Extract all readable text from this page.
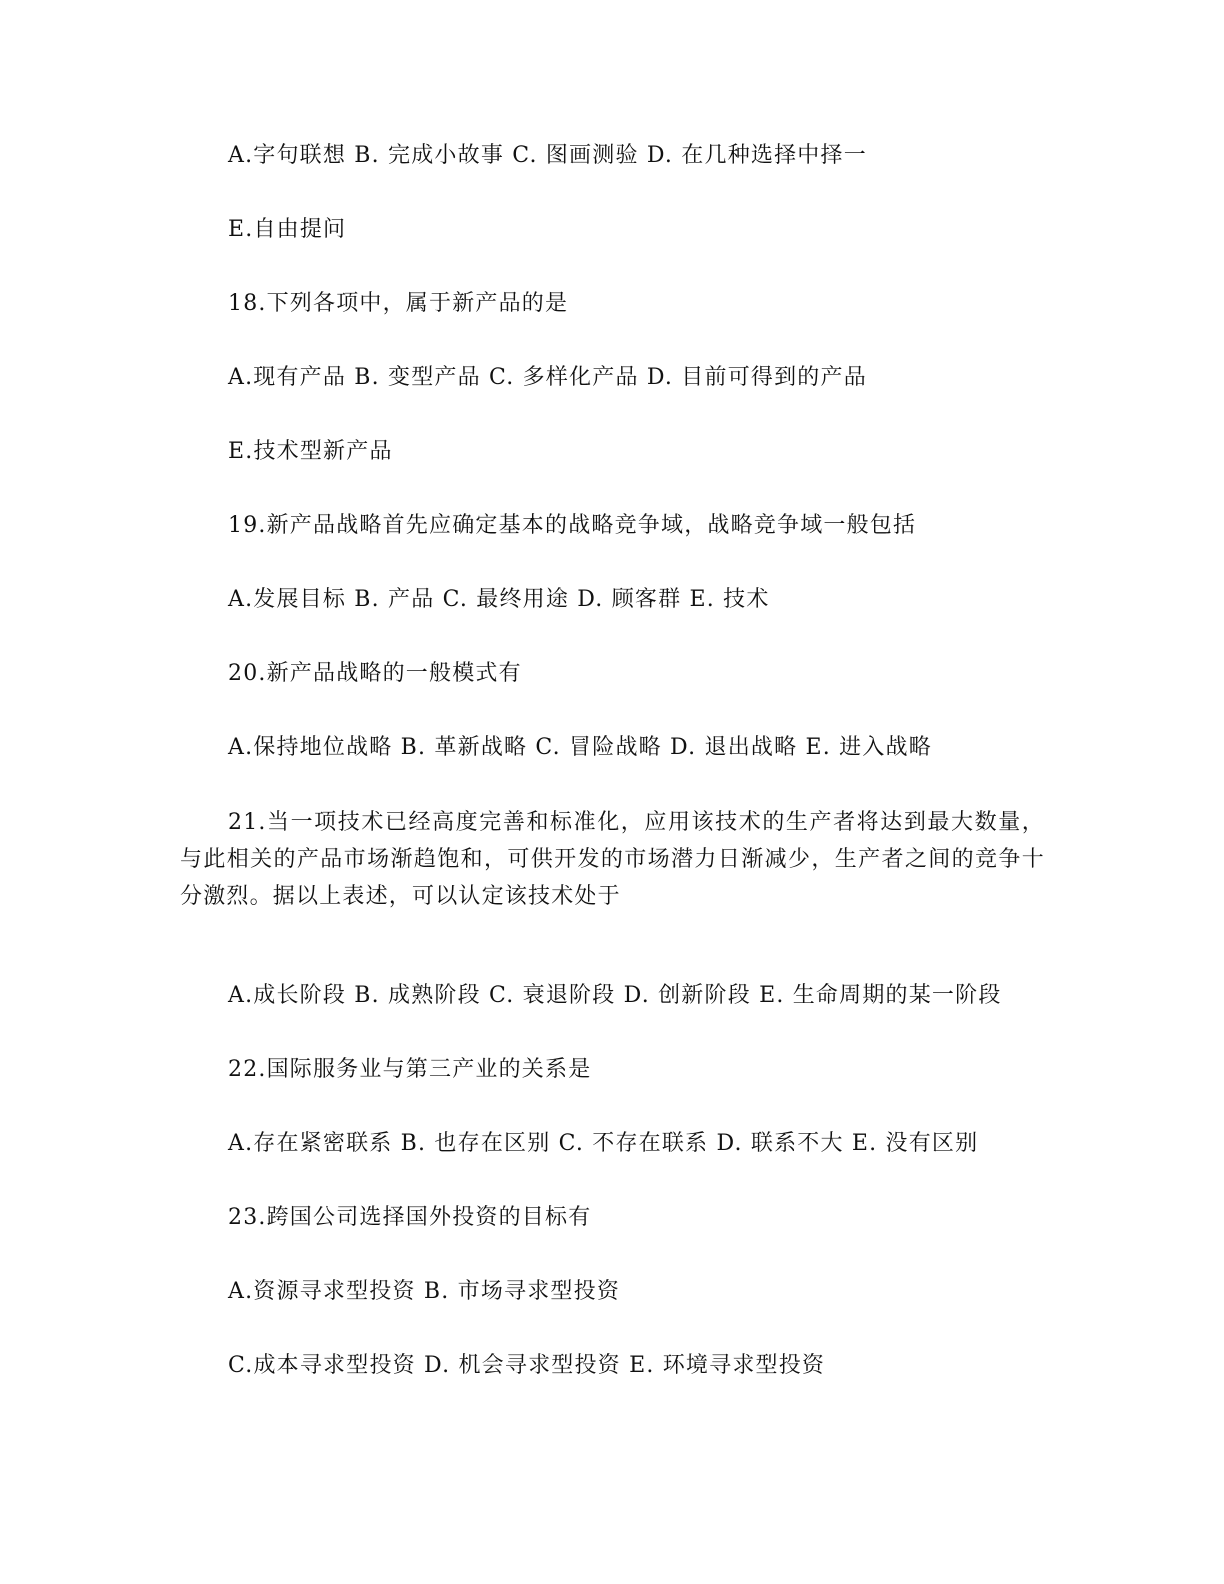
A.字句联想 B. 完成小故事 C. 图画测验 D. 在几种选择中择一
E.自由提问
18.下列各项中，属于新产品的是
A.现有产品 B. 变型产品 C. 多样化产品 D. 目前可得到的产品
E.技术型新产品
19.新产品战略首先应确定基本的战略竞争域，战略竞争域一般包括
A.发展目标 B. 产品 C. 最终用途 D. 顾客群 E. 技术
20.新产品战略的一般模式有
A.保持地位战略 B. 革新战略 C. 冒险战略 D. 退出战略 E. 进入战略
21.当一项技术已经高度完善和标准化，应用该技术的生产者将达到最大数量，与此相关的产品市场渐趋饱和，可供开发的市场潜力日渐减少，生产者之间的竞争十分激烈。据以上表述，可以认定该技术处于
A.成长阶段 B. 成熟阶段 C. 衰退阶段 D. 创新阶段 E. 生命周期的某一阶段
22.国际服务业与第三产业的关系是
A.存在紧密联系 B. 也存在区别 C. 不存在联系 D. 联系不大 E. 没有区别
23.跨国公司选择国外投资的目标有
A.资源寻求型投资 B. 市场寻求型投资
C.成本寻求型投资 D. 机会寻求型投资 E. 环境寻求型投资
